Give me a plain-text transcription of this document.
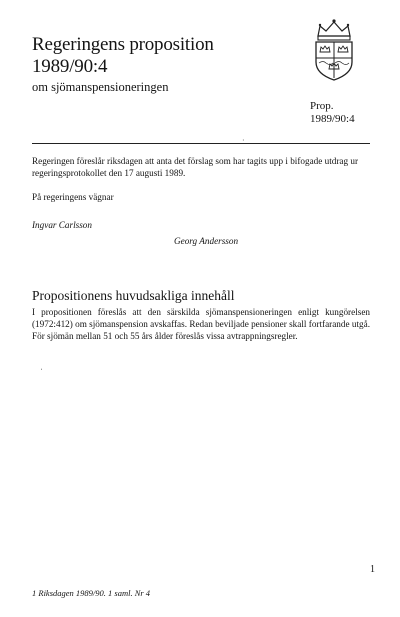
Regeringens proposition
1989/90:4
om sjömanspensioneringen
Prop.
1989/90:4
·
Regeringen föreslår riksdagen att anta det förslag som har tagits upp i bifogade utdrag ur regeringsprotokollet den 17 augusti 1989.
På regeringens vägnar
Ingvar Carlsson
Georg Andersson
Propositionens huvudsakliga innehåll
I propositionen föreslås att den särskilda sjömanspensioneringen enligt kungörelsen (1972:412) om sjömanspension avskaffas. Redan beviljade pensioner skall fortfarande utgå. För sjömän mellan 51 och 55 års ålder föreslås vissa avtrappningsregler.
ˌ
1
1 Riksdagen 1989/90. 1 saml. Nr 4
